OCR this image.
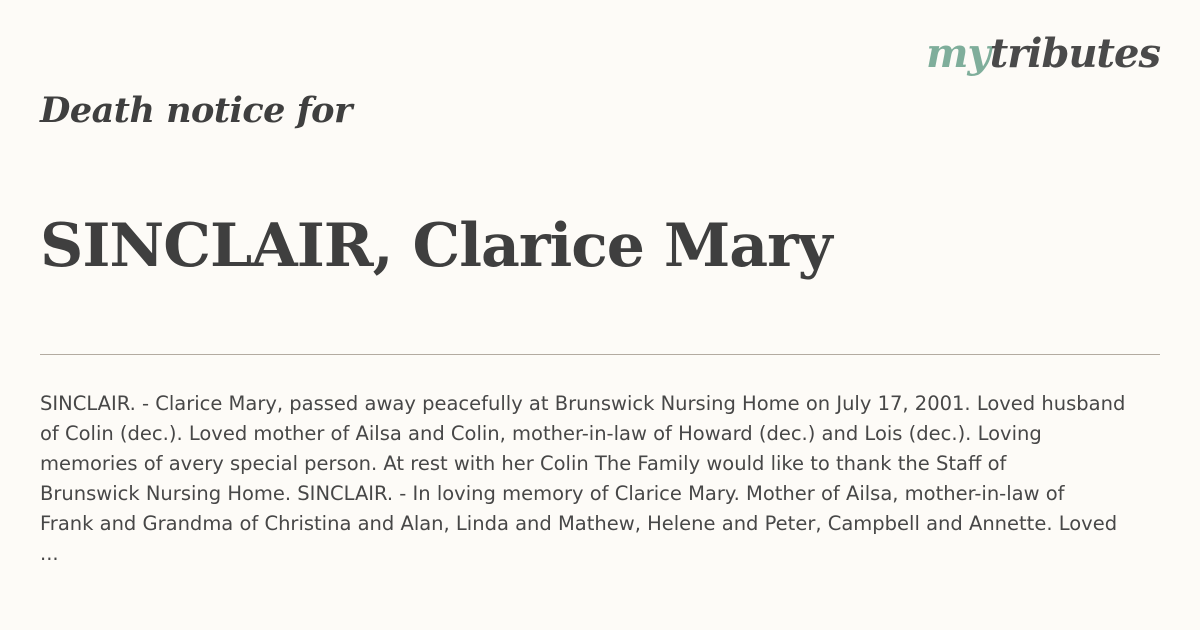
mytributes
Death notice for
SINCLAIR, Clarice Mary

SINCLAIR. - Clarice Mary, passed away peacefully at Brunswick Nursing Home on July 17, 2001. Loved husband
of Colin (dec.). Loved mother of Ailsa and Colin, mother-in-law of Howard (dec.) and Lois (dec.). Loving
memories of avery special person. At rest with her Colin The Family would like to thank the Staff of
Brunswick Nursing Home. SINCLAIR. - In loving memory of Clarice Mary. Mother of Ailsa, mother-in-law of
Frank and Grandma of Christina and Alan, Linda and Mathew, Helene and Peter, Campbell and Annette. Loved
...
